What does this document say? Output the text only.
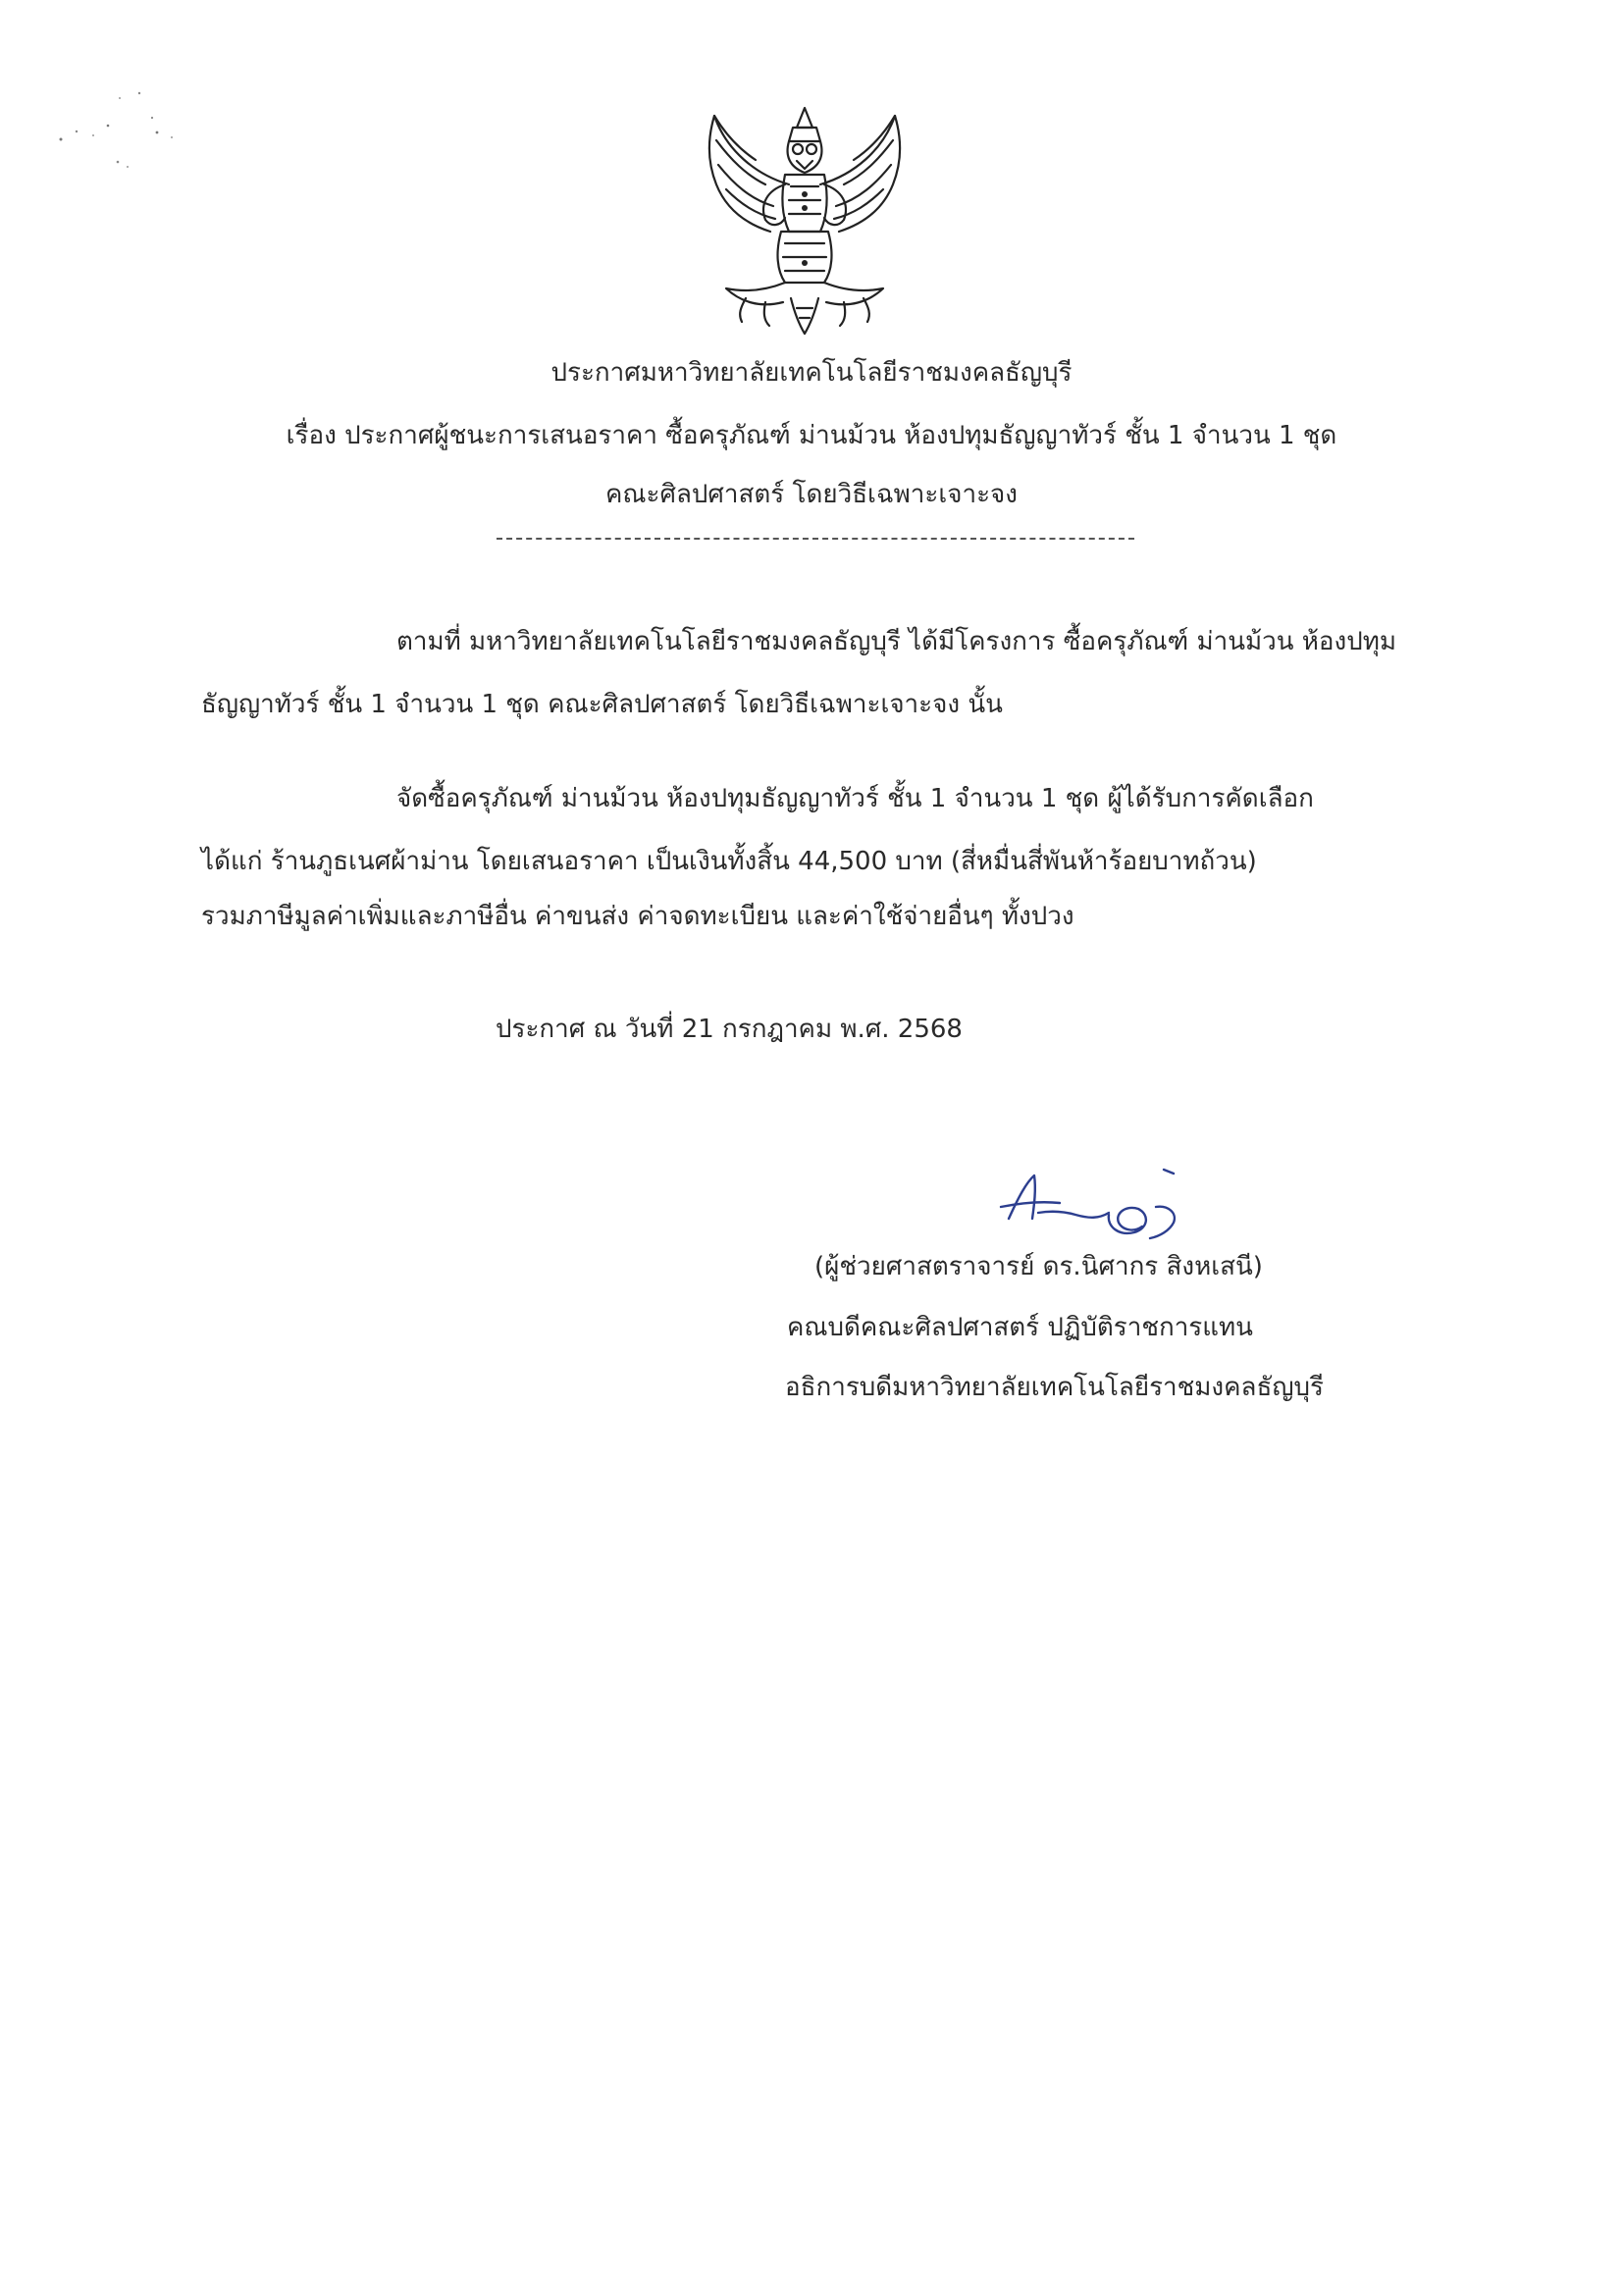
ประกาศมหาวิทยาลัยเทคโนโลยีราชมงคลธัญบุรี
เรื่อง ประกาศผู้ชนะการเสนอราคา ซื้อครุภัณฑ์ ม่านม้วน ห้องปทุมธัญญาทัวร์ ชั้น 1 จำนวน 1 ชุด
คณะศิลปศาสตร์ โดยวิธีเฉพาะเจาะจง
ตามที่ มหาวิทยาลัยเทคโนโลยีราชมงคลธัญบุรี ได้มีโครงการ ซื้อครุภัณฑ์ ม่านม้วน ห้องปทุม
ธัญญาทัวร์ ชั้น 1 จำนวน 1 ชุด คณะศิลปศาสตร์ โดยวิธีเฉพาะเจาะจง นั้น
จัดซื้อครุภัณฑ์ ม่านม้วน ห้องปทุมธัญญาทัวร์ ชั้น 1 จำนวน 1 ชุด ผู้ได้รับการคัดเลือก
ได้แก่ ร้านภูธเนศผ้าม่าน โดยเสนอราคา เป็นเงินทั้งสิ้น 44,500 บาท (สี่หมื่นสี่พันห้าร้อยบาทถ้วน)
รวมภาษีมูลค่าเพิ่มและภาษีอื่น ค่าขนส่ง ค่าจดทะเบียน และค่าใช้จ่ายอื่นๆ ทั้งปวง
ประกาศ ณ วันที่ 21 กรกฎาคม พ.ศ. 2568
(ผู้ช่วยศาสตราจารย์ ดร.นิศากร สิงหเสนี)
คณบดีคณะศิลปศาสตร์ ปฏิบัติราชการแทน
อธิการบดีมหาวิทยาลัยเทคโนโลยีราชมงคลธัญบุรี
